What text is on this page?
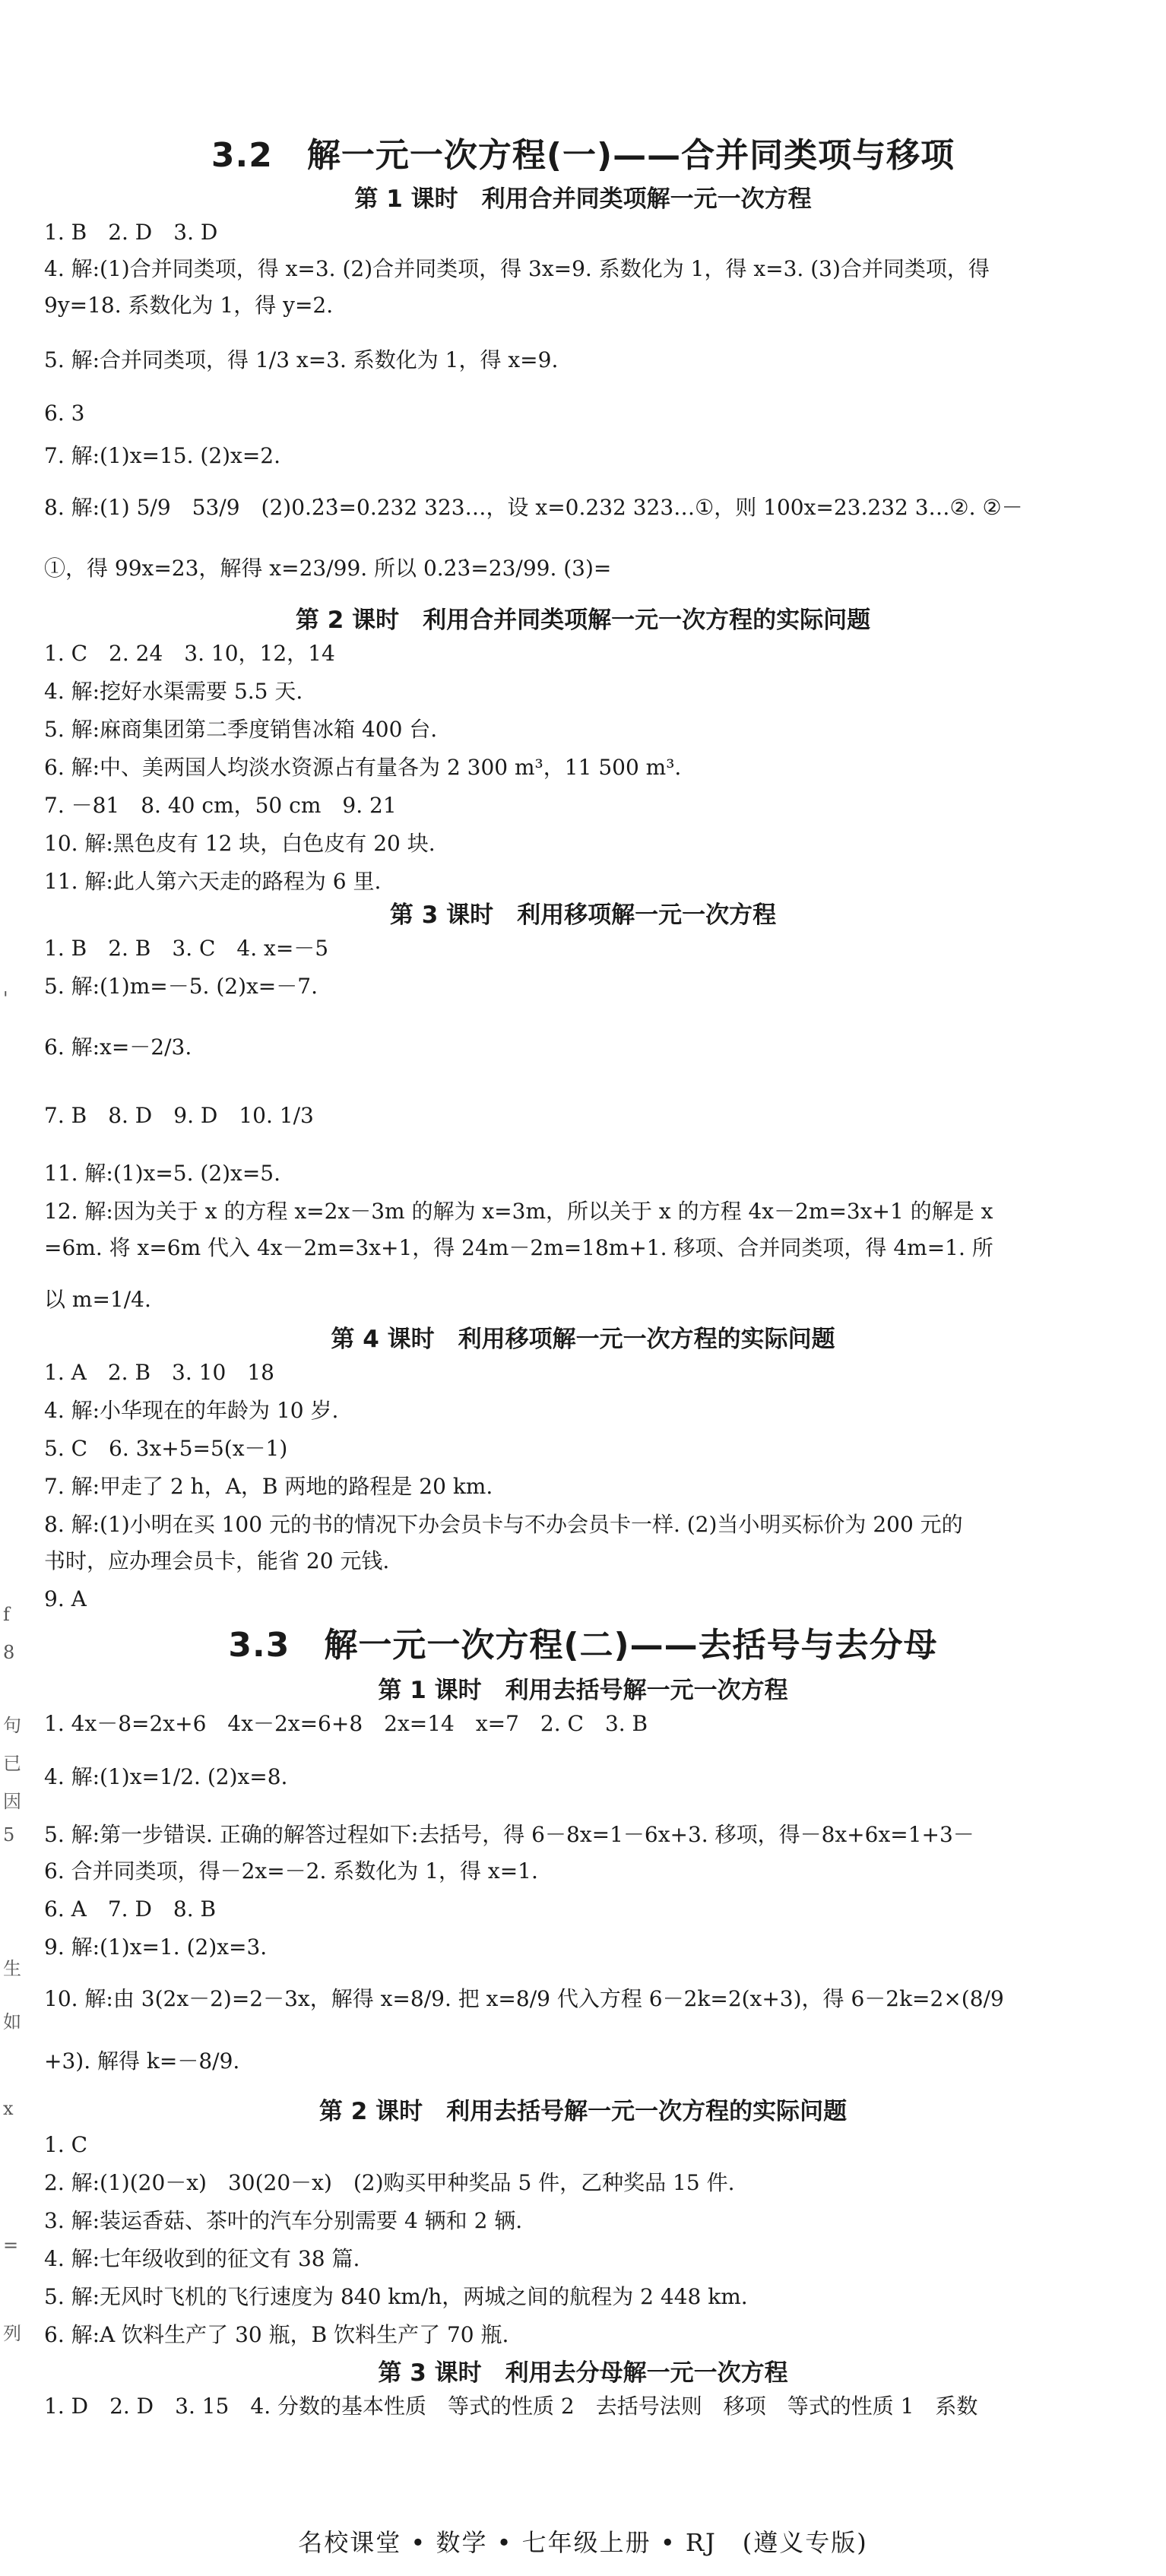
3.2　解一元一次方程(一)——合并同类项与移项
3.3　解一元一次方程(二)——去括号与去分母
第 1 课时　利用合并同类项解一元一次方程
第 2 课时　利用合并同类项解一元一次方程的实际问题
第 3 课时　利用移项解一元一次方程
第 4 课时　利用移项解一元一次方程的实际问题
第 1 课时　利用去括号解一元一次方程
第 2 课时　利用去括号解一元一次方程的实际问题
第 3 课时　利用去分母解一元一次方程
1. B　2. D　3. D
4. 解:(1)合并同类项，得 x=3. (2)合并同类项，得 3x=9. 系数化为 1，得 x=3. (3)合并同类项，得
9y=18. 系数化为 1，得 y=2.
5. 解:合并同类项，得 1/3 x=3. 系数化为 1，得 x=9.
6. 3
7. 解:(1)x=15. (2)x=2.
8. 解:(1) 5/9　53/9　(2)0.2̇3̇=0.232 323…，设 x=0.232 323…①，则 100x=23.232 3…②. ②－
①，得 99x=23，解得 x=23/99. 所以 0.2̇3̇=23/99. (3)=
1. C　2. 24　3. 10，12，14
4. 解:挖好水渠需要 5.5 天.
5. 解:麻商集团第二季度销售冰箱 400 台.
6. 解:中、美两国人均淡水资源占有量各为 2 300 m³，11 500 m³.
7. －81　8. 40 cm，50 cm　9. 21
10. 解:黑色皮有 12 块，白色皮有 20 块.
11. 解:此人第六天走的路程为 6 里.
1. B　2. B　3. C　4. x=－5
5. 解:(1)m=－5. (2)x=－7.
6. 解:x=－2/3.
7. B　8. D　9. D　10. 1/3
11. 解:(1)x=5. (2)x=5.
12. 解:因为关于 x 的方程 x=2x－3m 的解为 x=3m，所以关于 x 的方程 4x－2m=3x+1 的解是 x
=6m. 将 x=6m 代入 4x－2m=3x+1，得 24m－2m=18m+1. 移项、合并同类项，得 4m=1. 所
以 m=1/4.
1. A　2. B　3. 10　18
4. 解:小华现在的年龄为 10 岁.
5. C　6. 3x+5=5(x－1)
7. 解:甲走了 2 h，A，B 两地的路程是 20 km.
8. 解:(1)小明在买 100 元的书的情况下办会员卡与不办会员卡一样. (2)当小明买标价为 200 元的
书时，应办理会员卡，能省 20 元钱.
9. A
1. 4x－8=2x+6　4x－2x=6+8　2x=14　x=7　2. C　3. B
4. 解:(1)x=1/2. (2)x=8.
5. 解:第一步错误. 正确的解答过程如下:去括号，得 6－8x=1－6x+3. 移项，得－8x+6x=1+3－
6. 合并同类项，得－2x=－2. 系数化为 1，得 x=1.
6. A　7. D　8. B
9. 解:(1)x=1. (2)x=3.
10. 解:由 3(2x－2)=2－3x，解得 x=8/9. 把 x=8/9 代入方程 6－2k=2(x+3)，得 6－2k=2×(8/9
+3). 解得 k=－8/9.
1. C
2. 解:(1)(20－x)　30(20－x)　(2)购买甲种奖品 5 件，乙种奖品 15 件.
3. 解:装运香菇、茶叶的汽车分别需要 4 辆和 2 辆.
4. 解:七年级收到的征文有 38 篇.
5. 解:无风时飞机的飞行速度为 840 km/h，两城之间的航程为 2 448 km.
6. 解:A 饮料生产了 30 瓶，B 饮料生产了 70 瓶.
1. D　2. D　3. 15　4. 分数的基本性质　等式的性质 2　去括号法则　移项　等式的性质 1　系数
'
f
8
句
已
因
5
生
如
x
=
列
名校课堂 • 数学 • 七年级上册 • RJ　(遵义专版)
